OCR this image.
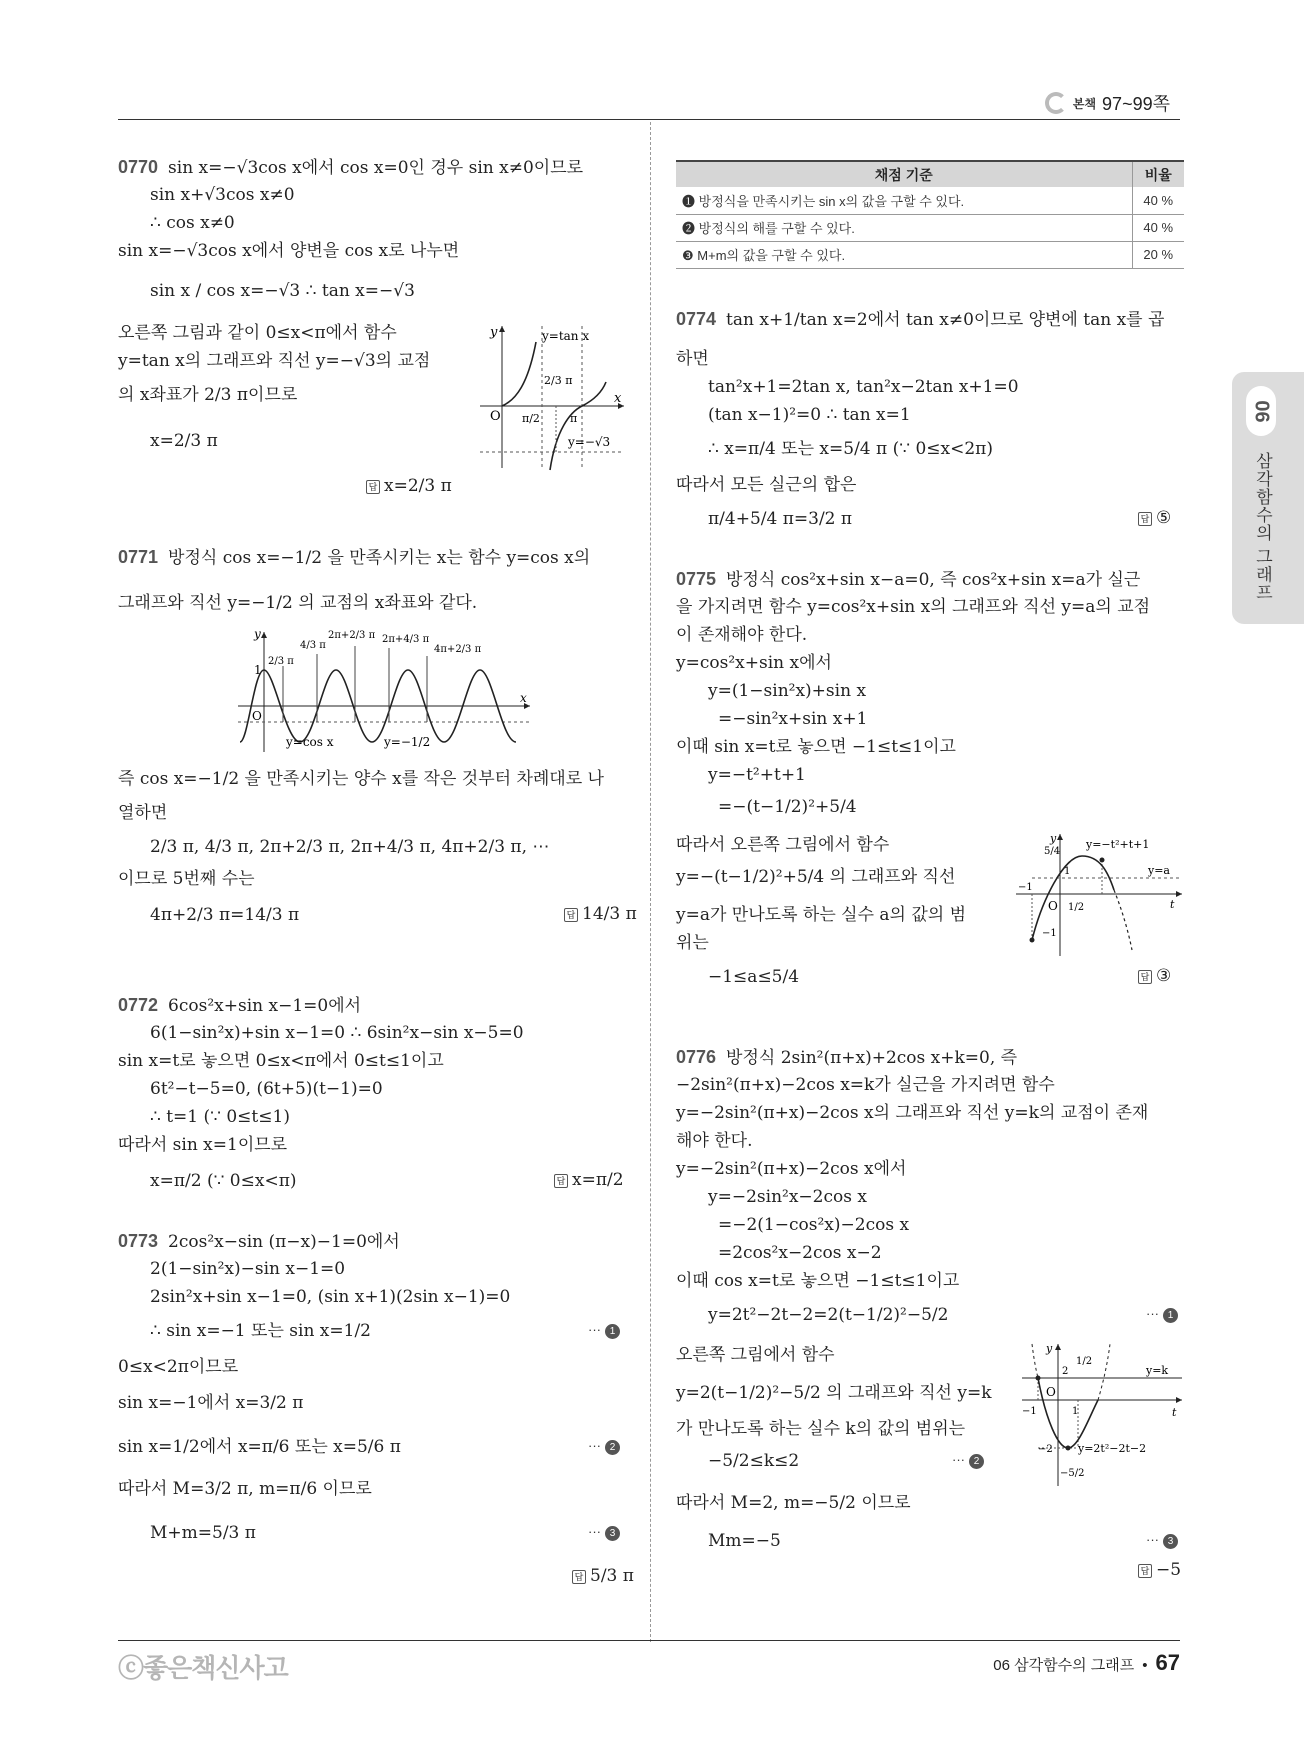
본책 97~99쪽
06
삼각함수의 그래프
0770 sin x=−√3cos x에서 cos x=0인 경우 sin x≠0이므로
sin x+√3cos x≠0
∴ cos x≠0
sin x=−√3cos x에서 양변을 cos x로 나누면
sin x / cos x=−√3 ∴ tan x=−√3
오른쪽 그림과 같이 0≤x<π에서 함수
y=tan x의 그래프와 직선 y=−√3의 교점
의 x좌표가 2/3 π이므로
x=2/3 π
답 x=2/3 π
y
x
O
y=tan x
y=−√3
π/2	π
2/3 π
0771 방정식 cos x=−1/2 을 만족시키는 x는 함수 y=cos x의
그래프와 직선 y=−1/2 의 교점의 x좌표와 같다.
y
x
O
1
y=cos x	y=−1/2
2/3 π
4/3 π
2π+2/3 π 2π+4/3 π
4π+2/3 π
즉 cos x=−1/2 을 만족시키는 양수 x를 작은 것부터 차례대로 나
열하면
2/3 π, 4/3 π, 2π+2/3 π, 2π+4/3 π, 4π+2/3 π, ⋯
이므로 5번째 수는
4π+2/3 π=14/3 π	답 14/3 π
0772 6cos²x+sin x−1=0에서
6(1−sin²x)+sin x−1=0 ∴ 6sin²x−sin x−5=0
sin x=t로 놓으면 0≤x<π에서 0≤t≤1이고
6t²−t−5=0, (6t+5)(t−1)=0
∴ t=1 (∵ 0≤t≤1)
따라서 sin x=1이므로
x=π/2 (∵ 0≤x<π)	답 x=π/2
0773 2cos²x−sin (π−x)−1=0에서
2(1−sin²x)−sin x−1=0
2sin²x+sin x−1=0, (sin x+1)(2sin x−1)=0
∴ sin x=−1 또는 sin x=1/2	··· 1
0≤x<2π이므로
sin x=−1에서 x=3/2 π
sin x=1/2에서 x=π/6 또는 x=5/6 π	··· 2
따라서 M=3/2 π, m=π/6 이므로
M+m=5/3 π	··· 3
답 5/3 π
채점 기준	비율
❶ 방정식을 만족시키는 sin x의 값을 구할 수 있다.	40 %
❷ 방정식의 해를 구할 수 있다.	40 %
❸ M+m의 값을 구할 수 있다.	20 %
0774 tan x+1/tan x=2에서 tan x≠0이므로 양변에 tan x를 곱
하면
tan²x+1=2tan x, tan²x−2tan x+1=0
(tan x−1)²=0 ∴ tan x=1
∴ x=π/4 또는 x=5/4 π (∵ 0≤x<2π)
따라서 모든 실근의 합은
π/4+5/4 π=3/2 π	답 ⑤
0775 방정식 cos²x+sin x−a=0, 즉 cos²x+sin x=a가 실근
을 가지려면 함수 y=cos²x+sin x의 그래프와 직선 y=a의 교점
이 존재해야 한다.
y=cos²x+sin x에서
y=(1−sin²x)+sin x
=−sin²x+sin x+1
이때 sin x=t로 놓으면 −1≤t≤1이고
y=−t²+t+1
=−(t−1/2)²+5/4
따라서 오른쪽 그림에서 함수
y=−(t−1/2)²+5/4 의 그래프와 직선
y=a가 만나도록 하는 실수 a의 값의 범
위는
−1≤a≤5/4	답 ③
y
t
O
y=−t²+t+1
y=a
5/4
1
−1
1/2
−1
0776 방정식 2sin²(π+x)+2cos x+k=0, 즉
−2sin²(π+x)−2cos x=k가 실근을 가지려면 함수
y=−2sin²(π+x)−2cos x의 그래프와 직선 y=k의 교점이 존재
해야 한다.
y=−2sin²(π+x)−2cos x에서
y=−2sin²x−2cos x
=−2(1−cos²x)−2cos x
=2cos²x−2cos x−2
이때 cos x=t로 놓으면 −1≤t≤1이고
y=2t²−2t−2=2(t−1/2)²−5/2	··· 1
오른쪽 그림에서 함수
y=2(t−1/2)²−5/2 의 그래프와 직선 y=k
가 만나도록 하는 실수 k의 값의 범위는
−5/2≤k≤2	··· 2
따라서 M=2, m=−5/2 이므로
Mm=−5	··· 3
답 −5
y
t
O
y=k
y=2t²−2t−2
2
−2
1/2
1
−1
−5/2
ⓒ좋은책신사고	06 삼각함수의 그래프 • 67
